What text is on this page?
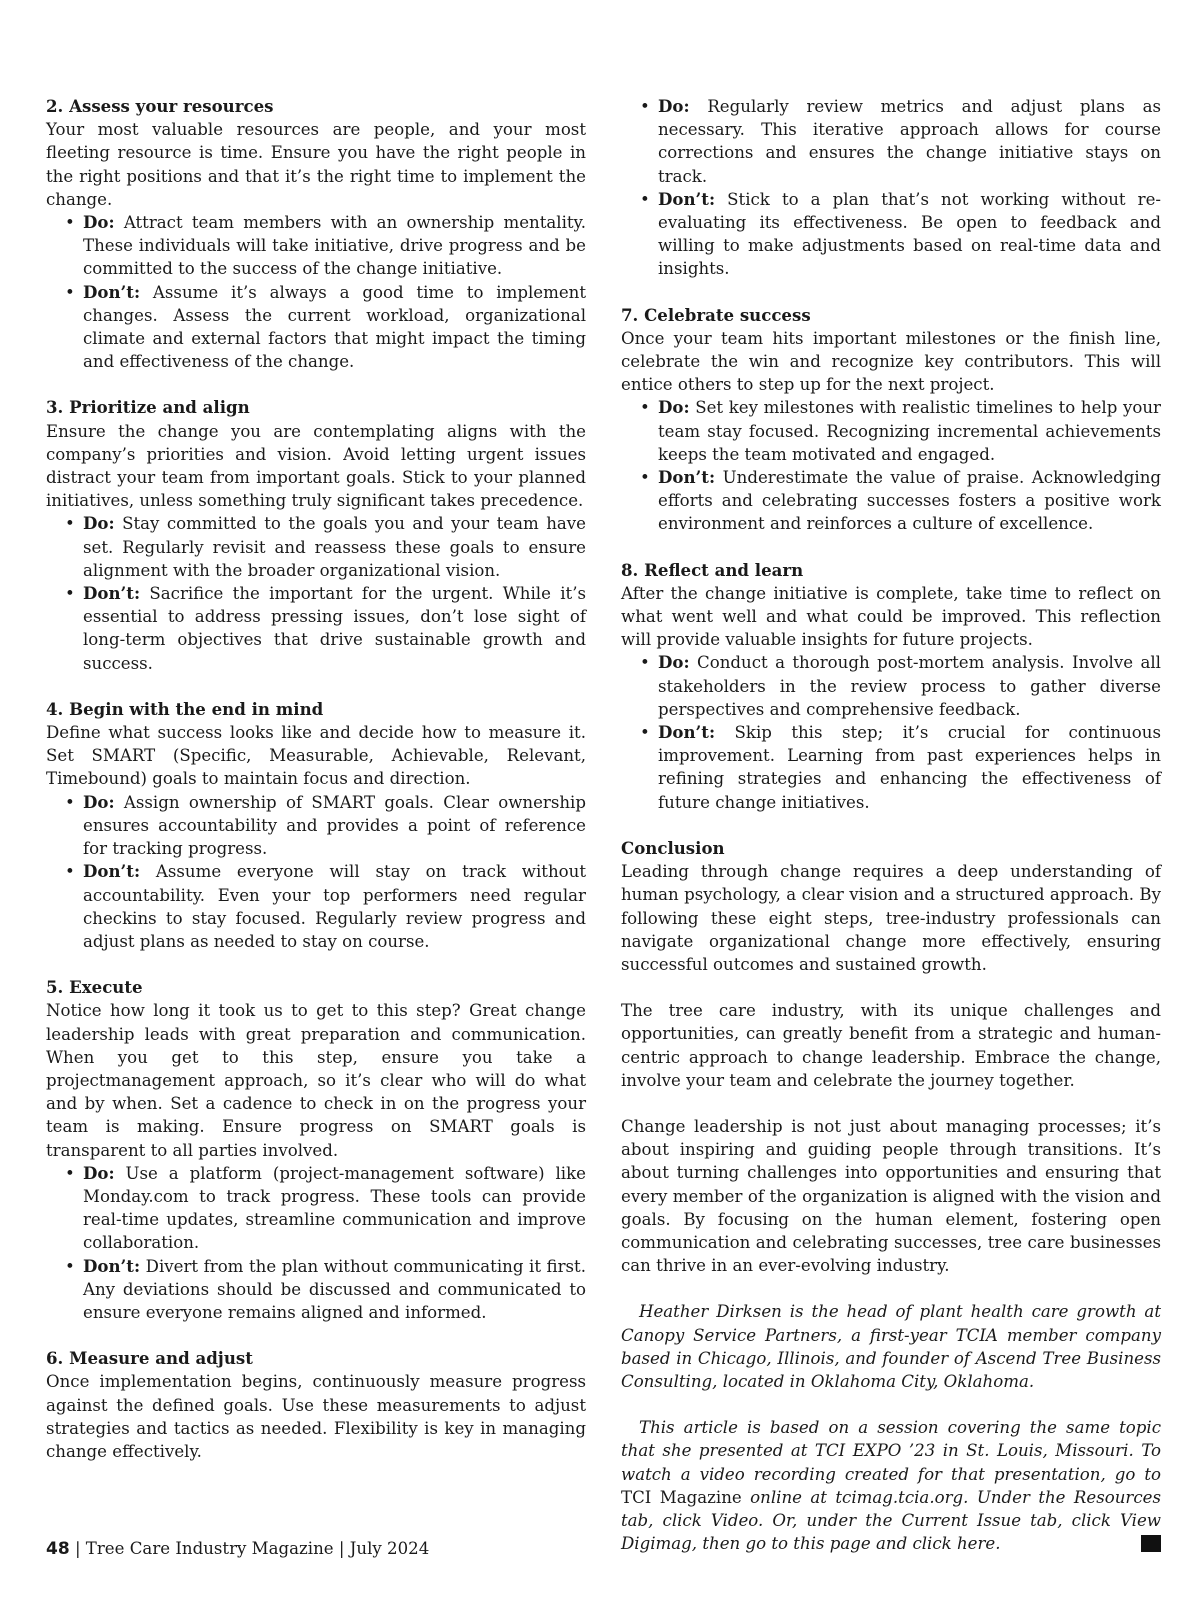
2. Assess your resources

Your most valuable resources are people, and your most fleeting resource is time. Ensure you have the right people in the right positions and that it’s the right time to implement the change.

• Do: Attract team members with an ownership mentality. These individuals will take initiative, drive progress and be committed to the success of the change initiative.
• Don’t: Assume it’s always a good time to implement changes. Assess the current workload, organizational climate and external factors that might impact the timing and effectiveness of the change.
3. Prioritize and align

Ensure the change you are contemplating aligns with the company’s priorities and vision. Avoid letting urgent issues distract your team from important goals. Stick to your planned initiatives, unless something truly significant takes precedence.

• Do: Stay committed to the goals you and your team have set. Regularly revisit and reassess these goals to ensure alignment with the broader organizational vision.
• Don’t: Sacrifice the important for the urgent. While it’s essential to address pressing issues, don’t lose sight of long-term objectives that drive sustainable growth and success.
4. Begin with the end in mind

Define what success looks like and decide how to measure it. Set SMART (Specific, Measurable, Achievable, Relevant, Timebound) goals to maintain focus and direction.

• Do: Assign ownership of SMART goals. Clear ownership ensures accountability and provides a point of reference for tracking progress.
• Don’t: Assume everyone will stay on track without accountability. Even your top performers need regular checkins to stay focused. Regularly review progress and adjust plans as needed to stay on course.
5. Execute

Notice how long it took us to get to this step? Great change leadership leads with great preparation and communication. When you get to this step, ensure you take a projectmanagement approach, so it’s clear who will do what and by when. Set a cadence to check in on the progress your team is making. Ensure progress on SMART goals is transparent to all parties involved.

• Do: Use a platform (project-management software) like Monday.com to track progress. These tools can provide real-time updates, streamline communication and improve collaboration.
• Don’t: Divert from the plan without communicating it first. Any deviations should be discussed and communicated to ensure everyone remains aligned and informed.
6. Measure and adjust

Once implementation begins, continuously measure progress against the defined goals. Use these measurements to adjust strategies and tactics as needed. Flexibility is key in managing change effectively.

• Do: Regularly review metrics and adjust plans as necessary. This iterative approach allows for course corrections and ensures the change initiative stays on track.
• Don’t: Stick to a plan that’s not working without re-evaluating its effectiveness. Be open to feedback and willing to make adjustments based on real-time data and insights.
7. Celebrate success

Once your team hits important milestones or the finish line, celebrate the win and recognize key contributors. This will entice others to step up for the next project.

• Do: Set key milestones with realistic timelines to help your team stay focused. Recognizing incremental achievements keeps the team motivated and engaged.
• Don’t: Underestimate the value of praise. Acknowledging efforts and celebrating successes fosters a positive work environment and reinforces a culture of excellence.
8. Reflect and learn

After the change initiative is complete, take time to reflect on what went well and what could be improved. This reflection will provide valuable insights for future projects.

• Do: Conduct a thorough post-mortem analysis. Involve all stakeholders in the review process to gather diverse perspectives and comprehensive feedback.
• Don’t: Skip this step; it’s crucial for continuous improvement. Learning from past experiences helps in refining strategies and enhancing the effectiveness of future change initiatives.
Conclusion

Leading through change requires a deep understanding of human psychology, a clear vision and a structured approach. By following these eight steps, tree-industry professionals can navigate organizational change more effectively, ensuring successful outcomes and sustained growth.

The tree care industry, with its unique challenges and opportunities, can greatly benefit from a strategic and human-centric approach to change leadership. Embrace the change, involve your team and celebrate the journey together.

Change leadership is not just about managing processes; it’s about inspiring and guiding people through transitions. It’s about turning challenges into opportunities and ensuring that every member of the organization is aligned with the vision and goals. By focusing on the human element, fostering open communication and celebrating successes, tree care businesses can thrive in an ever-evolving industry.

Heather Dirksen is the head of plant health care growth at Canopy Service Partners, a first-year TCIA member company based in Chicago, Illinois, and founder of Ascend Tree Business Consulting, located in Oklahoma City, Oklahoma.

This article is based on a session covering the same topic that she presented at TCI EXPO ’23 in St. Louis, Missouri. To watch a video recording created for that presentation, go to TCI Magazine online at tcimag.tcia.org. Under the Resources tab, click Video. Or, under the Current Issue tab, click View Digimag, then go to this page and click here.

48 | Tree Care Industry Magazine | July 2024
